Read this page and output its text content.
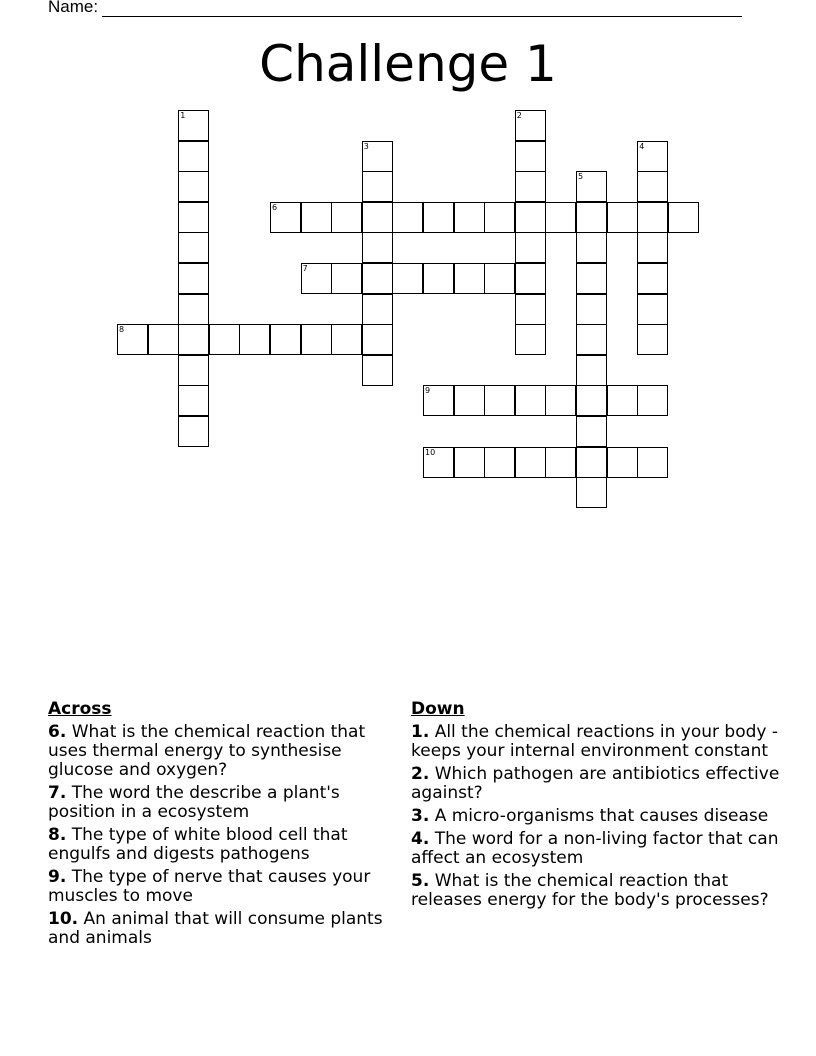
Name:
Challenge 1
1	2
3	4
5
6
7
8
9
10
Across
6. What is the chemical reaction that uses thermal energy to synthesise glucose and oxygen?
7. The word the describe a plant's position in a ecosystem
8. The type of white blood cell that engulfs and digests pathogens
9. The type of nerve that causes your muscles to move
10. An animal that will consume plants and animals
Down
1. All the chemical reactions in your body - keeps your internal environment constant
2. Which pathogen are antibiotics effective against?
3. A micro-organisms that causes disease
4. The word for a non-living factor that can affect an ecosystem
5. What is the chemical reaction that releases energy for the body's processes?
